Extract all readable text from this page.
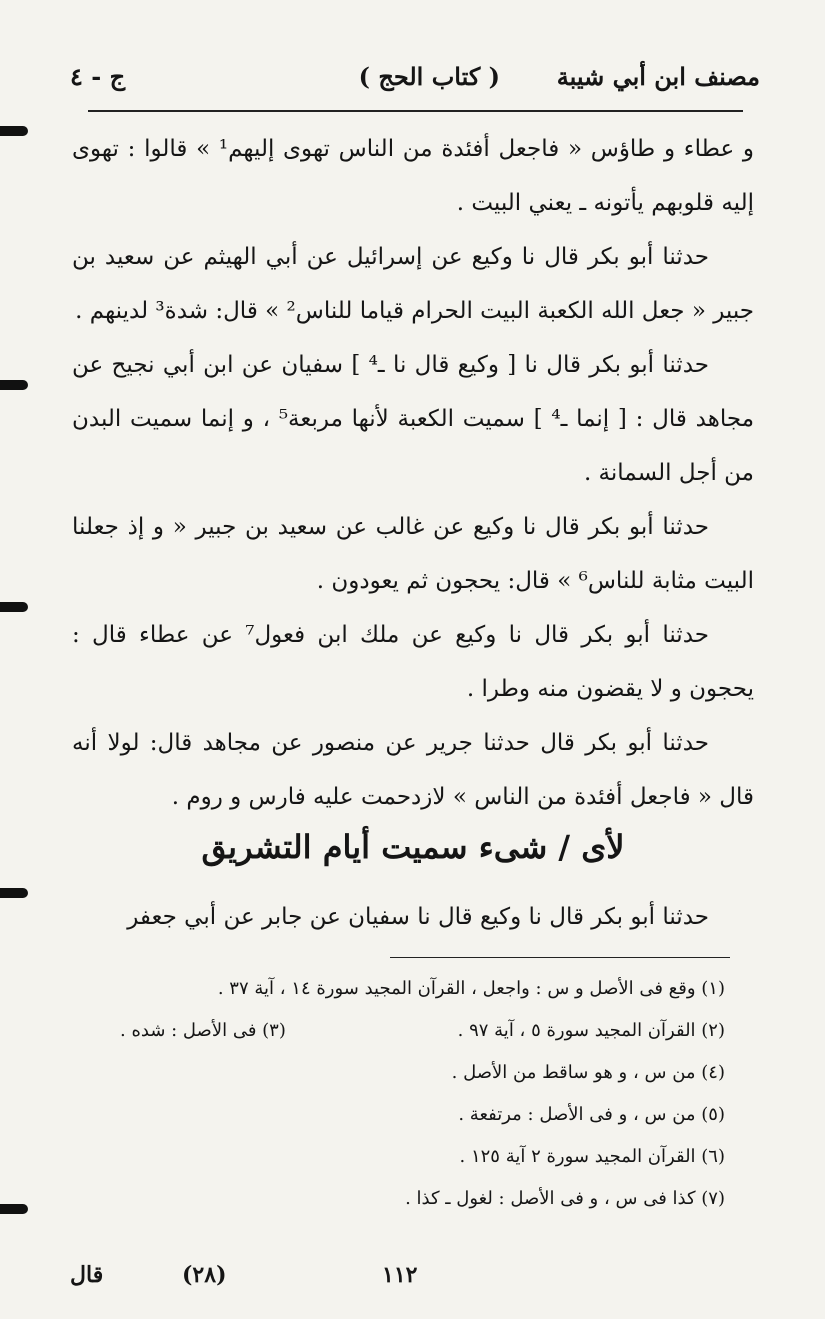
مصنف ابن أبي شيبة
( كتاب الحج )
ج - ٤

و عطاء و طاؤس « فاجعل أفئدة من الناس تهوى إليهم¹ » قالوا : تهوى إليه قلوبهم يأتونه ـ يعني البيت .

حدثنا أبو بكر قال نا وكيع عن إسرائيل عن أبي الهيثم عن سعيد بن جبير « جعل الله الكعبة البيت الحرام قياما للناس² » قال: شدة³ لدينهم .

حدثنا أبو بكر قال نا [ وكيع قال نا ـ⁴ ] سفيان عن ابن أبي نجيح عن مجاهد قال : [ إنما ـ⁴ ] سميت الكعبة لأنها مربعة⁵ ، و إنما سميت البدن من أجل السمانة .

حدثنا أبو بكر قال نا وكيع عن غالب عن سعيد بن جبير « و إذ جعلنا البيت مثابة للناس⁶ » قال: يحجون ثم يعودون .

حدثنا أبو بكر قال نا وكيع عن ملك ابن فعول⁷ عن عطاء قال : يحجون و لا يقضون منه وطرا .

حدثنا أبو بكر قال حدثنا جرير عن منصور عن مجاهد قال: لولا أنه قال « فاجعل أفئدة من الناس » لازدحمت عليه فارس و روم .

لأى / شىء سميت أيام التشريق
حدثنا أبو بكر قال نا وكيع قال نا سفيان عن جابر عن أبي جعفر
(١) وقع فى الأصل و س : واجعل ، القرآن المجيد سورة ١٤ ، آية ٣٧ .
(٢) القرآن المجيد سورة ٥ ، آية ٩٧ .
(٣) فى الأصل : شده .
(٤) من س ، و هو ساقط من الأصل .
(٥) من س ، و فى الأصل : مرتفعة .
(٦) القرآن المجيد سورة ٢ آية ١٢٥ .
(٧) كذا فى س ، و فى الأصل : لغول ـ كذا .
قال	(٢٨)	١١٢
